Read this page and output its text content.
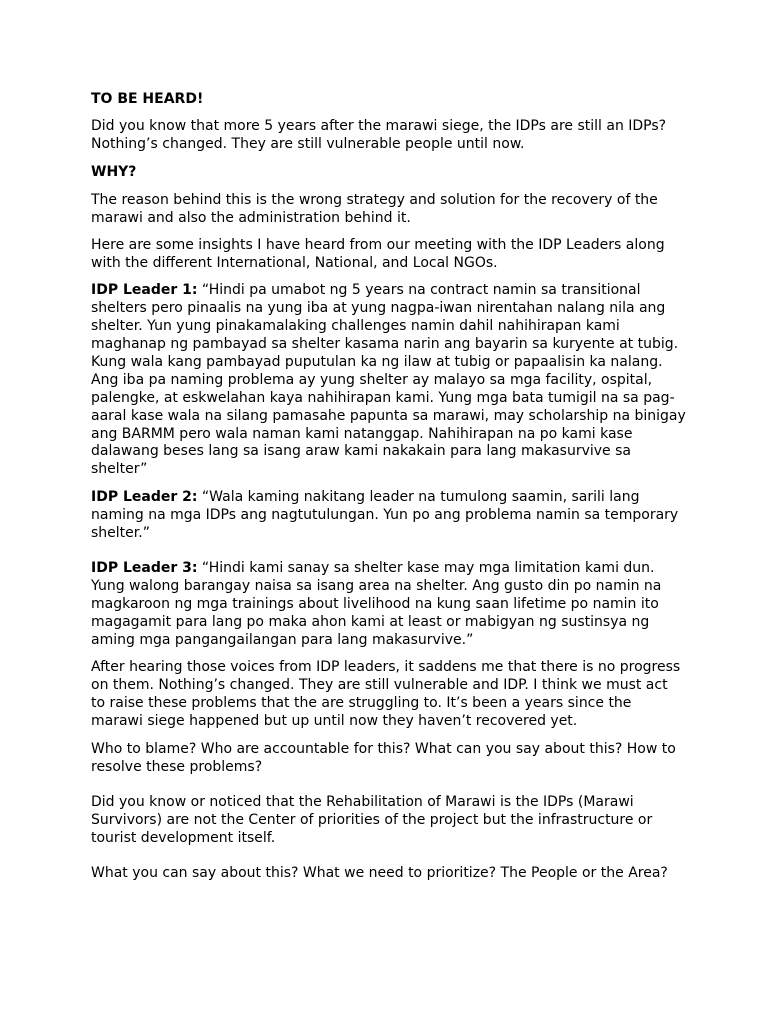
TO BE HEARD!

Did you know that more 5 years after the marawi siege, the IDPs are still an IDPs?
Nothing’s changed. They are still vulnerable people until now.

WHY?

The reason behind this is the wrong strategy and solution for the recovery of the
marawi and also the administration behind it.

Here are some insights I have heard from our meeting with the IDP Leaders along
with the different International, National, and Local NGOs.

IDP Leader 1: “Hindi pa umabot ng 5 years na contract namin sa transitional
shelters pero pinaalis na yung iba at yung nagpa-iwan nirentahan nalang nila ang
shelter. Yun yung pinakamalaking challenges namin dahil nahihirapan kami
maghanap ng pambayad sa shelter kasama narin ang bayarin sa kuryente at tubig.
Kung wala kang pambayad puputulan ka ng ilaw at tubig or papaalisin ka nalang.
Ang iba pa naming problema ay yung shelter ay malayo sa mga facility, ospital,
palengke, at eskwelahan kaya nahihirapan kami. Yung mga bata tumigil na sa pag-
aaral kase wala na silang pamasahe papunta sa marawi, may scholarship na binigay
ang BARMM pero wala naman kami natanggap. Nahihirapan na po kami kase
dalawang beses lang sa isang araw kami nakakain para lang makasurvive sa
shelter”

IDP Leader 2: “Wala kaming nakitang leader na tumulong saamin, sarili lang
naming na mga IDPs ang nagtutulungan. Yun po ang problema namin sa temporary
shelter.”

IDP Leader 3: “Hindi kami sanay sa shelter kase may mga limitation kami dun.
Yung walong barangay naisa sa isang area na shelter. Ang gusto din po namin na
magkaroon ng mga trainings about livelihood na kung saan lifetime po namin ito
magagamit para lang po maka ahon kami at least or mabigyan ng sustinsya ng
aming mga pangangailangan para lang makasurvive.”

After hearing those voices from IDP leaders, it saddens me that there is no progress
on them. Nothing’s changed. They are still vulnerable and IDP. I think we must act
to raise these problems that the are struggling to. It’s been a years since the
marawi siege happened but up until now they haven’t recovered yet.

Who to blame? Who are accountable for this? What can you say about this? How to
resolve these problems?

Did you know or noticed that the Rehabilitation of Marawi is the IDPs (Marawi
Survivors) are not the Center of priorities of the project but the infrastructure or
tourist development itself.

What you can say about this? What we need to prioritize? The People or the Area?
